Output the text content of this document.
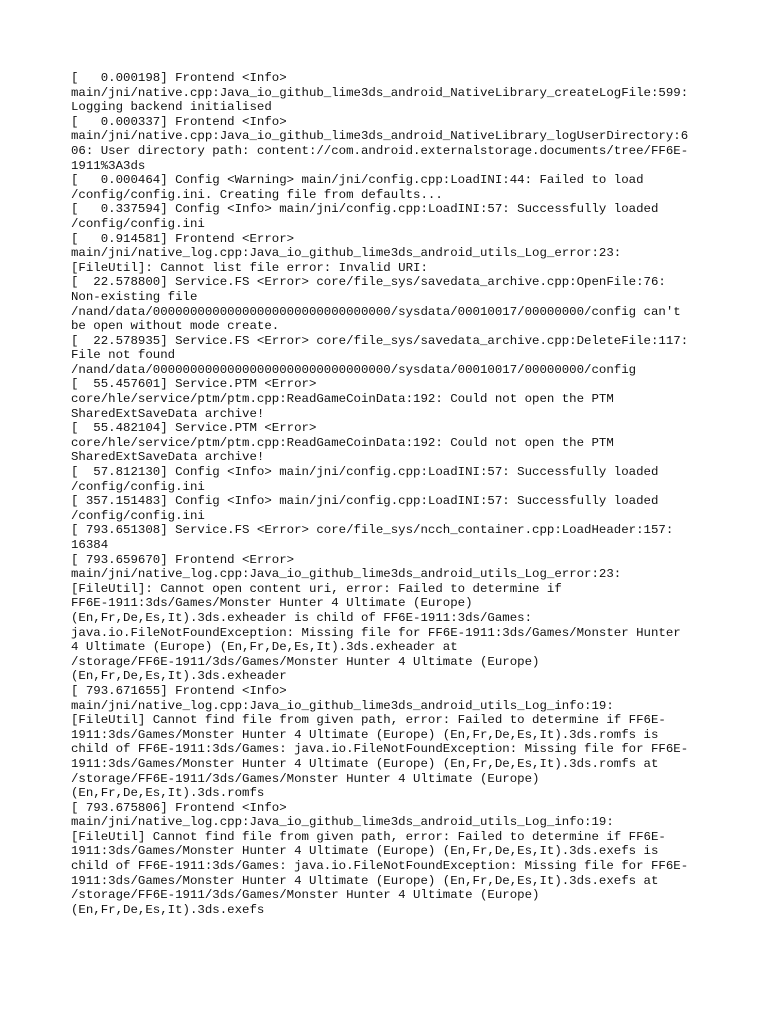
[   0.000198] Frontend <Info>
main/jni/native.cpp:Java_io_github_lime3ds_android_NativeLibrary_createLogFile:599:
Logging backend initialised
[   0.000337] Frontend <Info>
main/jni/native.cpp:Java_io_github_lime3ds_android_NativeLibrary_logUserDirectory:6
06: User directory path: content://com.android.externalstorage.documents/tree/FF6E-
1911%3A3ds
[   0.000464] Config <Warning> main/jni/config.cpp:LoadINI:44: Failed to load
/config/config.ini. Creating file from defaults...
[   0.337594] Config <Info> main/jni/config.cpp:LoadINI:57: Successfully loaded
/config/config.ini
[   0.914581] Frontend <Error>
main/jni/native_log.cpp:Java_io_github_lime3ds_android_utils_Log_error:23:
[FileUtil]: Cannot list file error: Invalid URI:
[  22.578800] Service.FS <Error> core/file_sys/savedata_archive.cpp:OpenFile:76:
Non-existing file
/nand/data/00000000000000000000000000000000/sysdata/00010017/00000000/config can't
be open without mode create.
[  22.578935] Service.FS <Error> core/file_sys/savedata_archive.cpp:DeleteFile:117:
File not found
/nand/data/00000000000000000000000000000000/sysdata/00010017/00000000/config
[  55.457601] Service.PTM <Error>
core/hle/service/ptm/ptm.cpp:ReadGameCoinData:192: Could not open the PTM
SharedExtSaveData archive!
[  55.482104] Service.PTM <Error>
core/hle/service/ptm/ptm.cpp:ReadGameCoinData:192: Could not open the PTM
SharedExtSaveData archive!
[  57.812130] Config <Info> main/jni/config.cpp:LoadINI:57: Successfully loaded
/config/config.ini
[ 357.151483] Config <Info> main/jni/config.cpp:LoadINI:57: Successfully loaded
/config/config.ini
[ 793.651308] Service.FS <Error> core/file_sys/ncch_container.cpp:LoadHeader:157:
16384
[ 793.659670] Frontend <Error>
main/jni/native_log.cpp:Java_io_github_lime3ds_android_utils_Log_error:23:
[FileUtil]: Cannot open content uri, error: Failed to determine if
FF6E-1911:3ds/Games/Monster Hunter 4 Ultimate (Europe)
(En,Fr,De,Es,It).3ds.exheader is child of FF6E-1911:3ds/Games:
java.io.FileNotFoundException: Missing file for FF6E-1911:3ds/Games/Monster Hunter
4 Ultimate (Europe) (En,Fr,De,Es,It).3ds.exheader at
/storage/FF6E-1911/3ds/Games/Monster Hunter 4 Ultimate (Europe)
(En,Fr,De,Es,It).3ds.exheader
[ 793.671655] Frontend <Info>
main/jni/native_log.cpp:Java_io_github_lime3ds_android_utils_Log_info:19:
[FileUtil] Cannot find file from given path, error: Failed to determine if FF6E-
1911:3ds/Games/Monster Hunter 4 Ultimate (Europe) (En,Fr,De,Es,It).3ds.romfs is
child of FF6E-1911:3ds/Games: java.io.FileNotFoundException: Missing file for FF6E-
1911:3ds/Games/Monster Hunter 4 Ultimate (Europe) (En,Fr,De,Es,It).3ds.romfs at
/storage/FF6E-1911/3ds/Games/Monster Hunter 4 Ultimate (Europe)
(En,Fr,De,Es,It).3ds.romfs
[ 793.675806] Frontend <Info>
main/jni/native_log.cpp:Java_io_github_lime3ds_android_utils_Log_info:19:
[FileUtil] Cannot find file from given path, error: Failed to determine if FF6E-
1911:3ds/Games/Monster Hunter 4 Ultimate (Europe) (En,Fr,De,Es,It).3ds.exefs is
child of FF6E-1911:3ds/Games: java.io.FileNotFoundException: Missing file for FF6E-
1911:3ds/Games/Monster Hunter 4 Ultimate (Europe) (En,Fr,De,Es,It).3ds.exefs at
/storage/FF6E-1911/3ds/Games/Monster Hunter 4 Ultimate (Europe)
(En,Fr,De,Es,It).3ds.exefs
